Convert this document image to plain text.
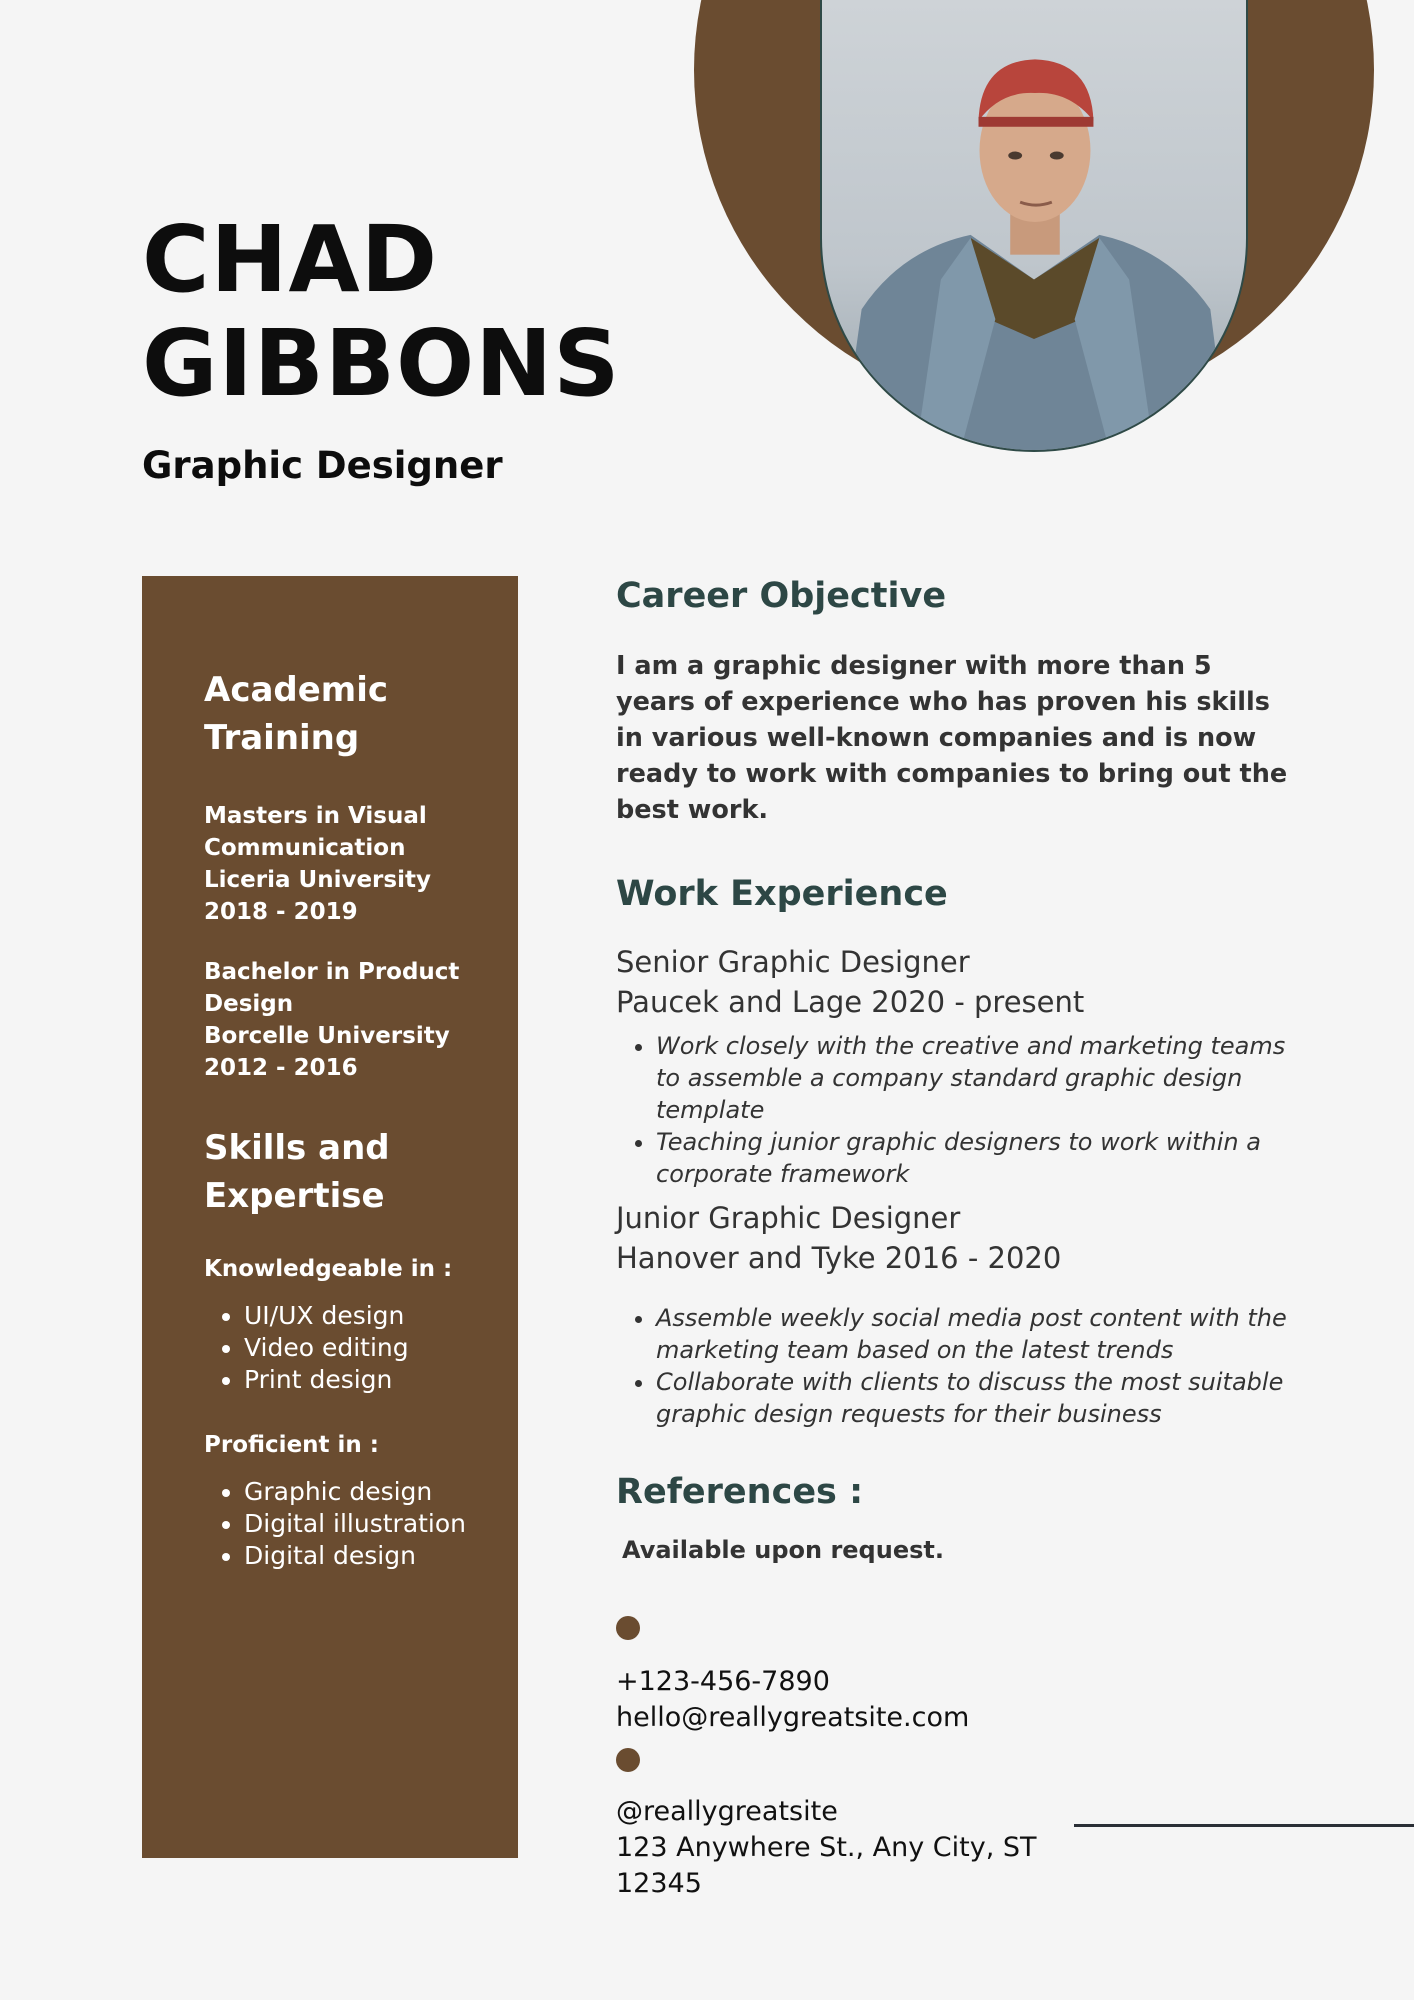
CHAD
GIBBONS
Graphic Designer
Academic Training
Masters in Visual
Communication
Liceria University
2018 - 2019
Bachelor in Product
Design
Borcelle University
2012 - 2016
Skills and Expertise
Knowledgeable in :
• UI/UX design
• Video editing
• Print design
Proficient in :
• Graphic design
• Digital illustration
• Digital design
Career Objective

I am a graphic designer with more than 5 years of experience who has proven his skills in various well-known companies and is now ready to work with companies to bring out the best work.

Work Experience

Senior Graphic Designer

Paucek and Lage 2020 - present

• Work closely with the creative and marketing teams to assemble a company standard graphic design template
• Teaching junior graphic designers to work within a corporate framework

Junior Graphic Designer

Hanover and Tyke 2016 - 2020

• Assemble weekly social media post content with the marketing team based on the latest trends
• Collaborate with clients to discuss the most suitable graphic design requests for their business
References :

Available upon request.

+123-456-7890

hello@reallygreatsite.com

@reallygreatsite

123 Anywhere St., Any City, ST

12345
